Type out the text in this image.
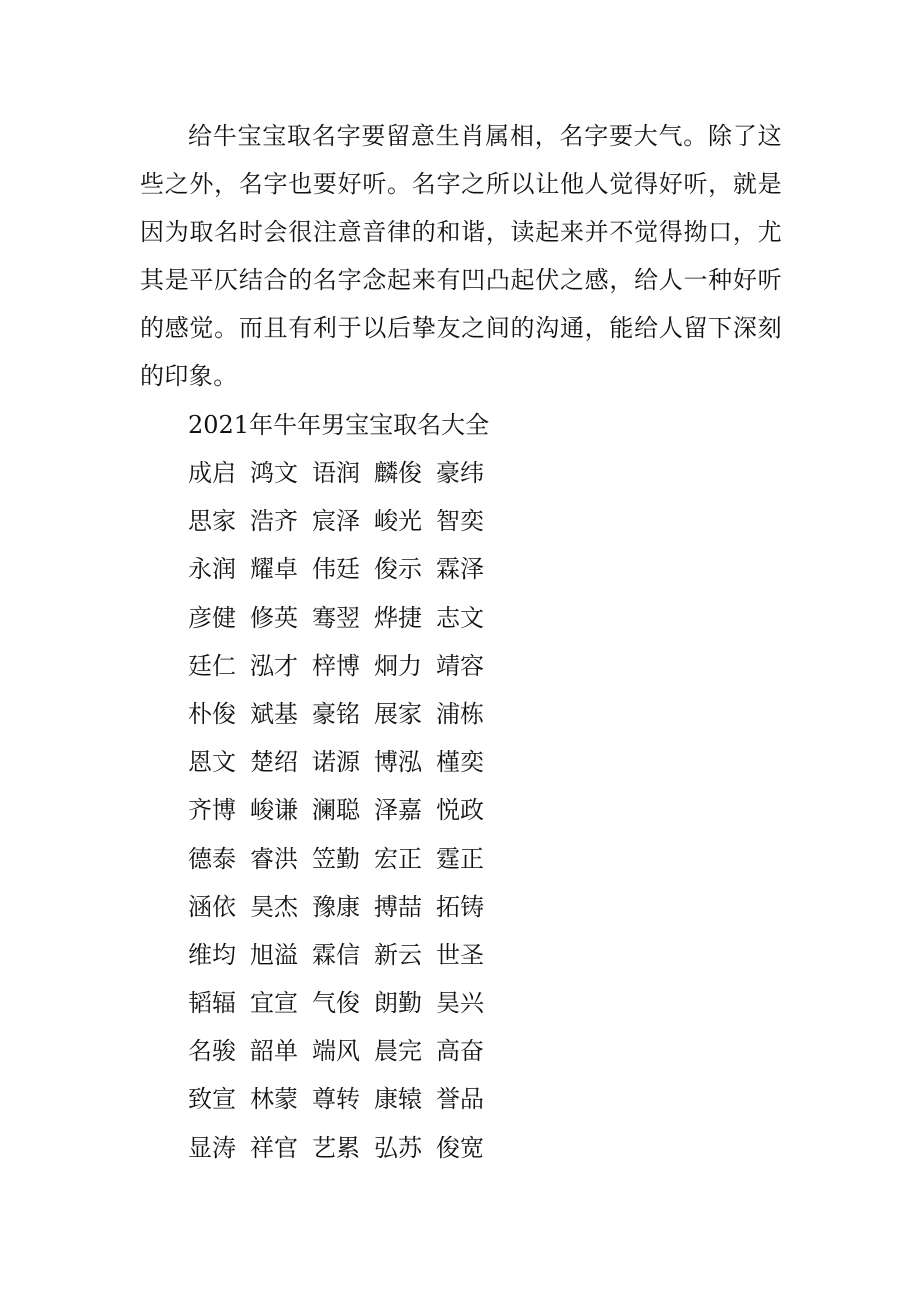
给牛宝宝取名字要留意生肖属相，名字要大气。除了这些之外，名字也要好听。名字之所以让他人觉得好听，就是因为取名时会很注意音律的和谐，读起来并不觉得拗口，尤其是平仄结合的名字念起来有凹凸起伏之感，给人一种好听的感觉。而且有利于以后挚友之间的沟通，能给人留下深刻的印象。

2021年牛年男宝宝取名大全

成启 鸿文 语润 麟俊 豪纬
思家 浩齐 宸泽 峻光 智奕
永润 耀卓 伟廷 俊示 霖泽
彦健 修英 骞翌 烨捷 志文
廷仁 泓才 梓博 炯力 靖容
朴俊 斌基 豪铭 展家 浦栋
恩文 楚绍 诺源 博泓 槿奕
齐博 峻谦 澜聪 泽嘉 悦政
德泰 睿洪 笠勤 宏正 霆正
涵依 昊杰 豫康 搏喆 拓铸
维均 旭溢 霖信 新云 世圣
韬辐 宜宣 气俊 朗勤 昊兴
名骏 韶单 端风 晨完 高奋
致宣 林蒙 尊转 康辕 誉品
显涛 祥官 艺累 弘苏 俊宽
